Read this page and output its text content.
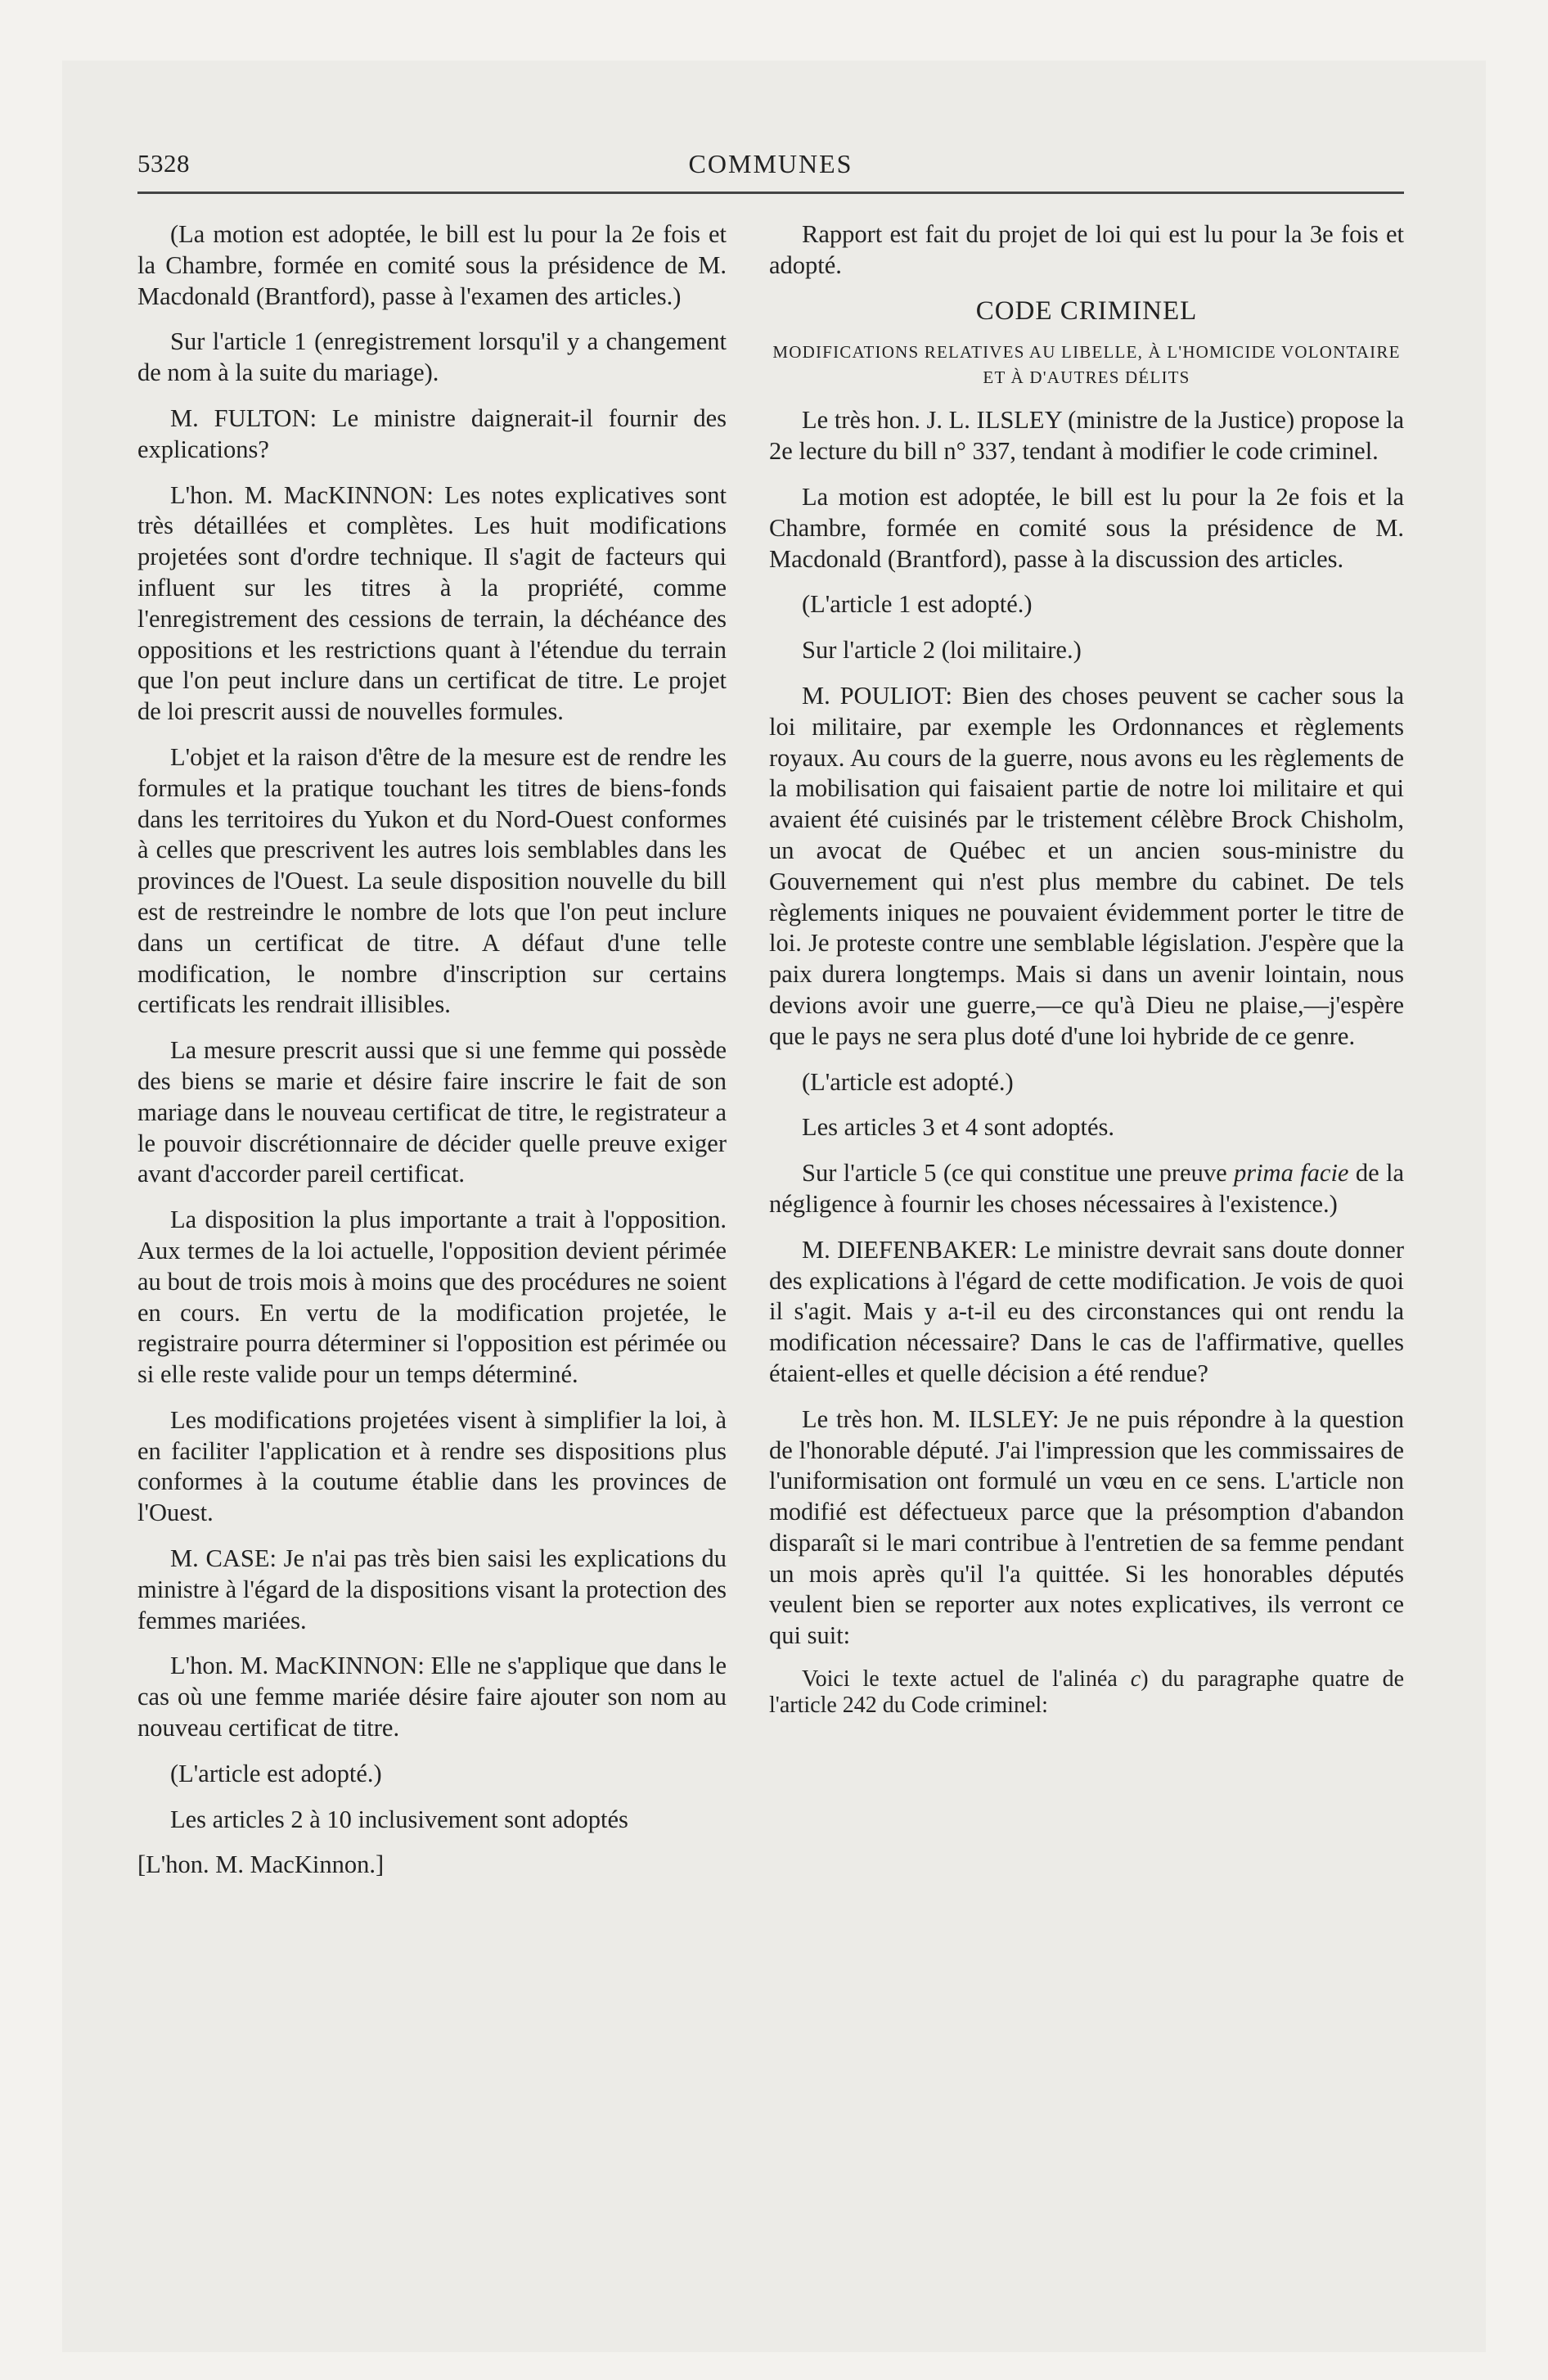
5328	COMMUNES

(La motion est adoptée, le bill est lu pour la 2e fois et la Chambre, formée en comité sous la présidence de M. Macdonald (Brantford), passe à l'examen des articles.)

Sur l'article 1 (enregistrement lorsqu'il y a changement de nom à la suite du mariage).

M. FULTON: Le ministre daignerait-il fournir des explications?

L'hon. M. MacKINNON: Les notes explicatives sont très détaillées et complètes. Les huit modifications projetées sont d'ordre technique. Il s'agit de facteurs qui influent sur les titres à la propriété, comme l'enregistrement des cessions de terrain, la déchéance des oppositions et les restrictions quant à l'étendue du terrain que l'on peut inclure dans un certificat de titre. Le projet de loi prescrit aussi de nouvelles formules.

L'objet et la raison d'être de la mesure est de rendre les formules et la pratique touchant les titres de biens-fonds dans les territoires du Yukon et du Nord-Ouest conformes à celles que prescrivent les autres lois semblables dans les provinces de l'Ouest. La seule disposition nouvelle du bill est de restreindre le nombre de lots que l'on peut inclure dans un certificat de titre. A défaut d'une telle modification, le nombre d'inscription sur certains certificats les rendrait illisibles.

La mesure prescrit aussi que si une femme qui possède des biens se marie et désire faire inscrire le fait de son mariage dans le nouveau certificat de titre, le registrateur a le pouvoir discrétionnaire de décider quelle preuve exiger avant d'accorder pareil certificat.

La disposition la plus importante a trait à l'opposition. Aux termes de la loi actuelle, l'opposition devient périmée au bout de trois mois à moins que des procédures ne soient en cours. En vertu de la modification projetée, le registraire pourra déterminer si l'opposition est périmée ou si elle reste valide pour un temps déterminé.

Les modifications projetées visent à simplifier la loi, à en faciliter l'application et à rendre ses dispositions plus conformes à la coutume établie dans les provinces de l'Ouest.

M. CASE: Je n'ai pas très bien saisi les explications du ministre à l'égard de la dispositions visant la protection des femmes mariées.

L'hon. M. MacKINNON: Elle ne s'applique que dans le cas où une femme mariée désire faire ajouter son nom au nouveau certificat de titre.

(L'article est adopté.)

Les articles 2 à 10 inclusivement sont adoptés

[L'hon. M. MacKinnon.]

Rapport est fait du projet de loi qui est lu pour la 3e fois et adopté.

CODE CRIMINEL
MODIFICATIONS RELATIVES AU LIBELLE, À L'HOMICIDE VOLONTAIRE ET À D'AUTRES DÉLITS

Le très hon. J. L. ILSLEY (ministre de la Justice) propose la 2e lecture du bill n° 337, tendant à modifier le code criminel.

La motion est adoptée, le bill est lu pour la 2e fois et la Chambre, formée en comité sous la présidence de M. Macdonald (Brantford), passe à la discussion des articles.

(L'article 1 est adopté.)

Sur l'article 2 (loi militaire.)

M. POULIOT: Bien des choses peuvent se cacher sous la loi militaire, par exemple les Ordonnances et règlements royaux. Au cours de la guerre, nous avons eu les règlements de la mobilisation qui faisaient partie de notre loi militaire et qui avaient été cuisinés par le tristement célèbre Brock Chisholm, un avocat de Québec et un ancien sous-ministre du Gouvernement qui n'est plus membre du cabinet. De tels règlements iniques ne pouvaient évidemment porter le titre de loi. Je proteste contre une semblable législation. J'espère que la paix durera longtemps. Mais si dans un avenir lointain, nous devions avoir une guerre,—ce qu'à Dieu ne plaise,—j'espère que le pays ne sera plus doté d'une loi hybride de ce genre.

(L'article est adopté.)

Les articles 3 et 4 sont adoptés.

Sur l'article 5 (ce qui constitue une preuve prima facie de la négligence à fournir les choses nécessaires à l'existence.)

M. DIEFENBAKER: Le ministre devrait sans doute donner des explications à l'égard de cette modification. Je vois de quoi il s'agit. Mais y a-t-il eu des circonstances qui ont rendu la modification nécessaire? Dans le cas de l'affirmative, quelles étaient-elles et quelle décision a été rendue?

Le très hon. M. ILSLEY: Je ne puis répondre à la question de l'honorable député. J'ai l'impression que les commissaires de l'uniformisation ont formulé un vœu en ce sens. L'article non modifié est défectueux parce que la présomption d'abandon disparaît si le mari contribue à l'entretien de sa femme pendant un mois après qu'il l'a quittée. Si les honorables députés veulent bien se reporter aux notes explicatives, ils verront ce qui suit:

Voici le texte actuel de l'alinéa c) du paragraphe quatre de l'article 242 du Code criminel:
